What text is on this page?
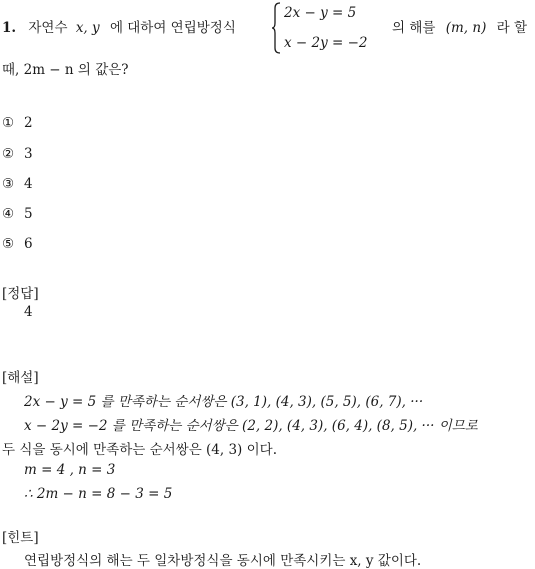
1. 자연수 x, y 에 대하여 연립방정식
2x − y = 5
x − 2y = −2
의 해를 (m, n) 라 할
때, 2m − n 의 값은?
① 2
② 3
③ 4
④ 5
⑤ 6
[정답]
4
[해설]
2x − y = 5 를 만족하는 순서쌍은 (3, 1), (4, 3), (5, 5), (6, 7), ···
x − 2y = −2 를 만족하는 순서쌍은 (2, 2), (4, 3), (6, 4), (8, 5), ··· 이므로
두 식을 동시에 만족하는 순서쌍은 (4, 3) 이다.
m = 4 , n = 3
∴ 2m − n = 8 − 3 = 5
[힌트]
연립방정식의 해는 두 일차방정식을 동시에 만족시키는 x, y 값이다.
